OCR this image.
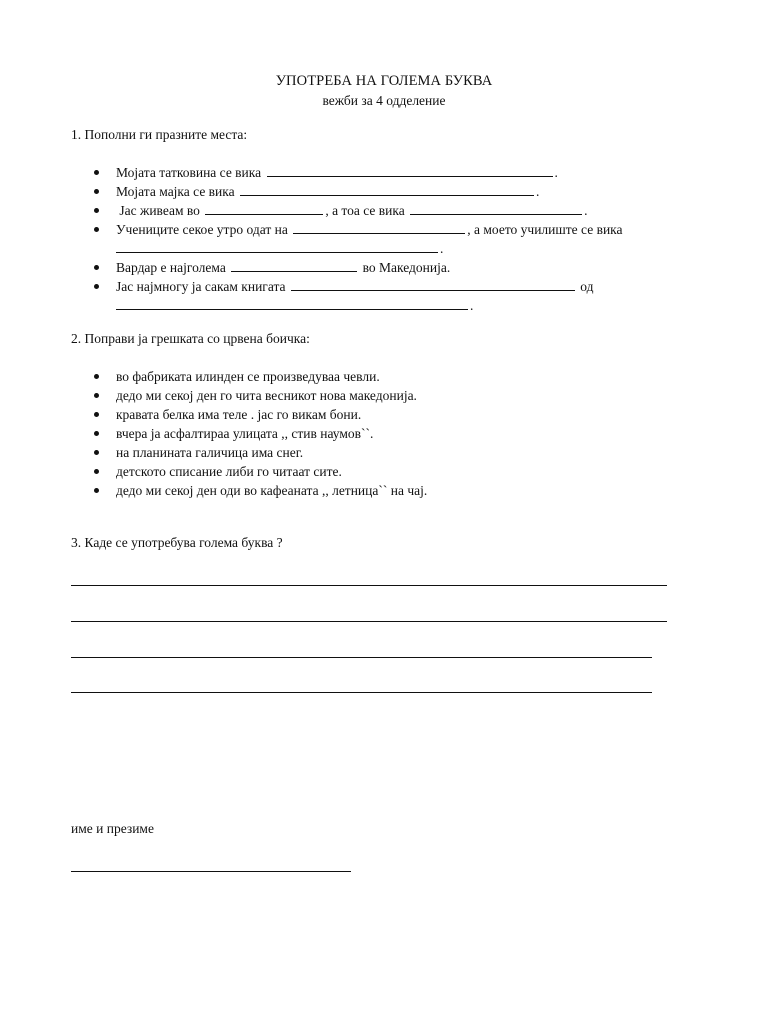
УПОТРЕБА НА ГОЛЕМА БУКВА
вежби за 4 одделение
1. Пополни ги празните места:
Мојата татковина се вика	.
Мојата мајка се вика	.
Јас живеам во	, а тоа се вика	.
Учениците секое утро одат на	, а моето училиште се вика
.
Вардар е најголема	во Македонија.
Јас најмногу ја сакам книгата	од
.
2. Поправи ја грешката со црвена боичка:
во фабриката илинден се произведуваа чевли.
дедо ми секој ден го чита весникот нова македонија.
кравата белка има теле . јас го викам бони.
вчера ја асфалтираа улицата ,, стив наумов``.
на планината галичица има снег.
детското списание либи го читаат сите.
дедо ми секој ден оди во кафеаната ,, летница`` на чај.
3. Каде се употребува голема буква ?
име и презиме
